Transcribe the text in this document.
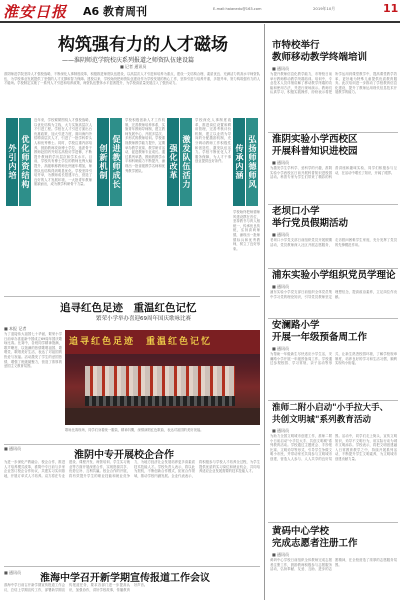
淮安日报 A6 教育周刊	E-mail:haianedu@163.com	2019年10月	11
构筑强有力的人才磁场
——淮阴师范学院校庆系列报道之师资队伍建设篇
■ 记者 通讯员
淮阴师范学院坚持人才强校战略，不断深化人事制度改革，积极推进师资队伍建设，以高层次人才引进和培养为重点，建设一支结构合理、素质优良、充满活力的高水平师资队伍，为学校事业发展提供了坚强的人才支撑和智力保障。建校以来，学校始终把师资队伍建设作为学校发展的核心工作，坚持引进与培养并重，多措并举，努力构筑强有力的人才磁场。学校制定实施了一系列人才引进和培养政策，师资队伍整体水平显著提升，为学校高质量发展注入了强劲动力。
外引内培 优化师资结构
近年来，学校紧紧围绕人才强校战略，以优化结构为主线，大力实施高层次人才引进工程。学校在人才引进方面出台优惠政策，加大引进力度，面向海内外招聘高层次人才，引进了一批学科带头人和优秀博士。同时，学校注重内部培养，鼓励教师攻读博士学位，选派骨干教师赴国内外知名高校访学进修，不断提升教师的学历层次和学术水平。目前，学校具有博士学位的教师比例大幅提升，高级职称教师比例逐年增加，师资队伍结构得到明显优化。学校坚持引培并举，为教师成长搭建平台，营造了良好的人才发展环境，一大批青年教师脱颖而出，成为教学科研骨干力量。
创新机制 促进教师成长
学校积极创新人才工作机制，完善教师培养体系，实施青年教师导师制，建立教师发展中心，开展多层次、多形式的教师培训。学校重视教师教学能力提升，定期举办教学竞赛、教学研讨活动，促进教师专业成长。通过系列举措，教师的教学水平和科研能力不断提升，涌现出一批省级教学名师和优秀教学团队。	强化改革 激发队伍活力
学校深化人事制度改革，推进岗位设置和聘用管理，完善考核评价机制，建立以业绩为导向的分配激励机制，充分调动教师工作积极性和创造性，激发队伍活力。学校不断优化人才服务保障，为人才干事创业提供良好条件。	传承内涵 弘扬师德师风
学校始终把师德师风建设摆在首位，坚持教书与育人相统一，传承优良传统，弘扬高尚师德，涌现出一批师德标兵和优秀教师，树立了良好形象。
追寻红色足迹　重温红色记忆
繁荣小学举办喜迎69周年国庆歌咏比赛
■ 本报 记者
为了迎接伟大祖国七十华诞，繁荣小学日前举办喜迎新中国成立69周年国庆歌咏比赛。比赛中，各班同学精神饱满，歌声嘹亮，以饱满的热情歌唱祖国、歌唱党、歌唱美好生活，表达了对祖国的热爱与祝福。活动激发了学生的爱国热情，增强了班级凝聚力，营造了浓厚的爱国主义教育氛围。
追寻红色足迹　重温红色记忆
歌咏比赛现场，同学们身着统一服装，精神抖擞，深情演唱红色歌曲，表达对祖国的美好祝福。
淮阴中专开展校企合作
■ 通讯员
为进一步深化产教融合、校企合作，推进人才培养模式改革，淮阴中专日前与多家企业签订校企合作协议，共建实习实训基地，开展订单式人才培养。双方将在专业建设、课程开发、师资培训、学生实习就业等方面开展深度合作，实现资源共享、优势互补、互利共赢。校企合作的开展，将有效提升学生的职业技能和就业竞争力，为地方经济社会发展培养更多高素质技术技能人才。学校负责人表示，将以此为契机，不断创新合作模式，拓宽合作领域，推动学校内涵发展。企业代表表示，将积极参与学校人才培养全过程，为学生提供优质的实习岗位和就业机会，共同培养适应企业发展需要的技术技能人才。
淮海中学召开新学期宣传报道工作会议
■ 通讯员
淮海中学日前召开新学期宣传报道工作会议，总结上学期宣传工作，部署新学期宣传报道任务，要求各部门进一步提高认识，加强协作，讲好学校故事，传播教育好声音。
市特校举行
教师移动教学终端培训
■ 通讯员
为提升教师信息化教学能力，市特校日前举行教师移动教学终端培训。培训中，专业技术人员详细讲解了移动教学终端的功能和使用方法，并进行现场演示。教师们认真学习，积极实践操作，纷纷表示将把所学运用到课堂教学中，提高课堂教学效率，更好地为特殊儿童提供优质教育服务。此次培训进一步推动了学校教育信息化建设，提升了教师运用现代信息技术开展教学的能力。
淮阴实验小学西校区
开展科普知识进校园
■ 通讯员
为激发学生学科学、爱科学的兴趣，淮阴实验小学西校区日前开展科普知识进校园活动。科普专家为学生们带来了精彩的科普讲座和趣味实验，同学们积极参与互动，在活动中增长了知识，开阔了眼界。
老坝口小学
举行党员假期活动
■ 通讯员
老坝口小学党支部日前组织党员开展假期活动，党员教师深入社区开展志愿服务，走访慰问困难学生家庭，充分发挥了党员的先锋模范作用。
浦东实验小学组织党员学理论
■ 通讯员
浦东实验小学党支部日前组织全体党员集中学习党的理论知识，引导党员教师坚定理想信念，提高政治素养，立足岗位作贡献。
安澜路小学
开展一年级预备周工作
■ 通讯员
为帮助一年级新生尽快适应小学生活，安澜路小学开展一年级预备周工作。学校通过参观校园、学习常规、亲子活动等形式，让新生熟悉校园环境，了解学校规章制度，培养良好的学习和生活习惯，顺利实现幼小衔接。
淮师二附小启动"小手拉大手、
共创文明城"系列教育活动
■ 通讯员
为助力全国文明城市创建工作，淮师二附小日前启动"小手拉大手、共创文明城"系列教育活动。学校通过主题班会、手抄报比赛、文明劝导等形式，引导学生争做文明小市民，并带动家长共同参与文明城市创建，营造人人参与、人人共享的良好氛围。活动中，同学们走上街头，宣传文明知识，劝导不文明行为，用实际行动为城市文明添彩。学校表示，将把文明创建融入日常教育教学之中，持续开展系列活动，不断提升学生文明素养，为文明城市创建贡献力量。
黄码中心学校
完成志愿者注册工作
■ 通讯员
黄码中心学校日前组织全体教师完成志愿者注册工作，鼓励教师积极参与志愿服务活动，弘扬奉献、友爱、互助、进步的志愿精神，在全校营造了浓厚的志愿服务氛围。
